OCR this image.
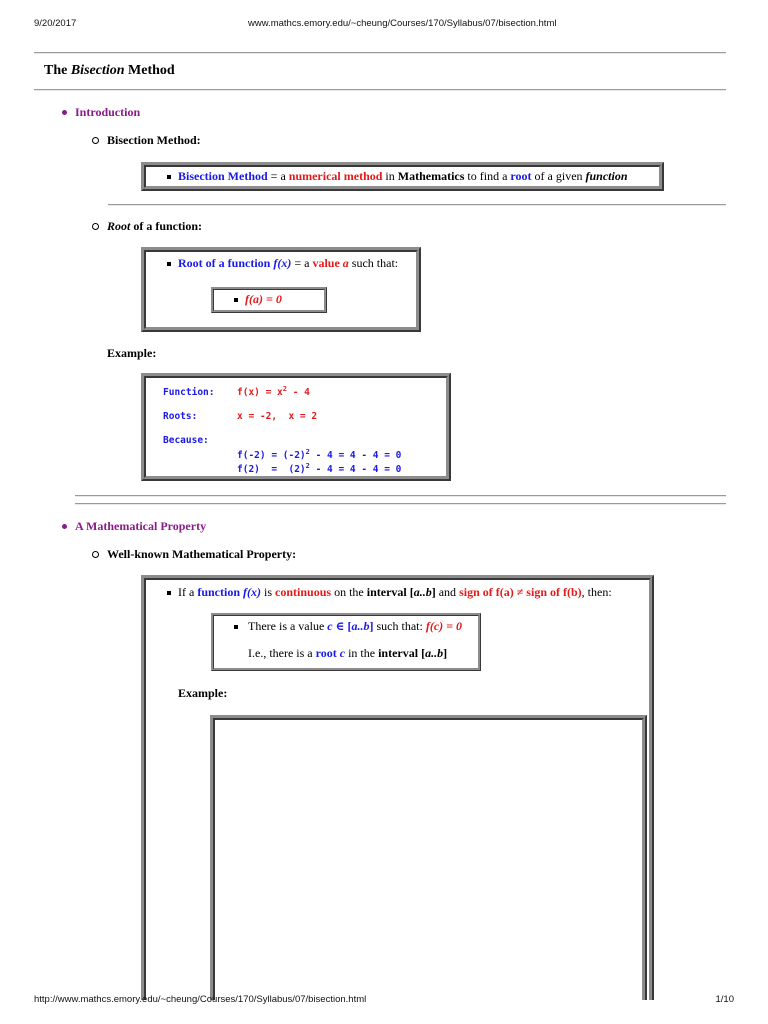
9/20/2017	www.mathcs.emory.edu/~cheung/Courses/170/Syllabus/07/bisection.html
The Bisection Method
Introduction
Bisection Method:
Bisection Method = a numerical method in Mathematics to find a root of a given function
Root of a function:
Root of a function f(x) = a value a such that:
f(a) = 0
Example:
Function: $f(x) = x^2 - 4$
Roots:	x = -2,  x = 2
Because:
$f(-2) = (-2)^2 - 4 = 4 - 4 = 0$
$f(2) = (2)^2 - 4 = 4 - 4 = 0$
A Mathematical Property
Well-known Mathematical Property:
If a function f(x) is continuous on the interval [a..b] and sign of f(a) ≠ sign of f(b), then:
There is a value c ∈ [a..b] such that: f(c) = 0
I.e., there is a root c in the interval [a..b]
Example:
http://www.mathcs.emory.edu/~cheung/Courses/170/Syllabus/07/bisection.html	1/10
